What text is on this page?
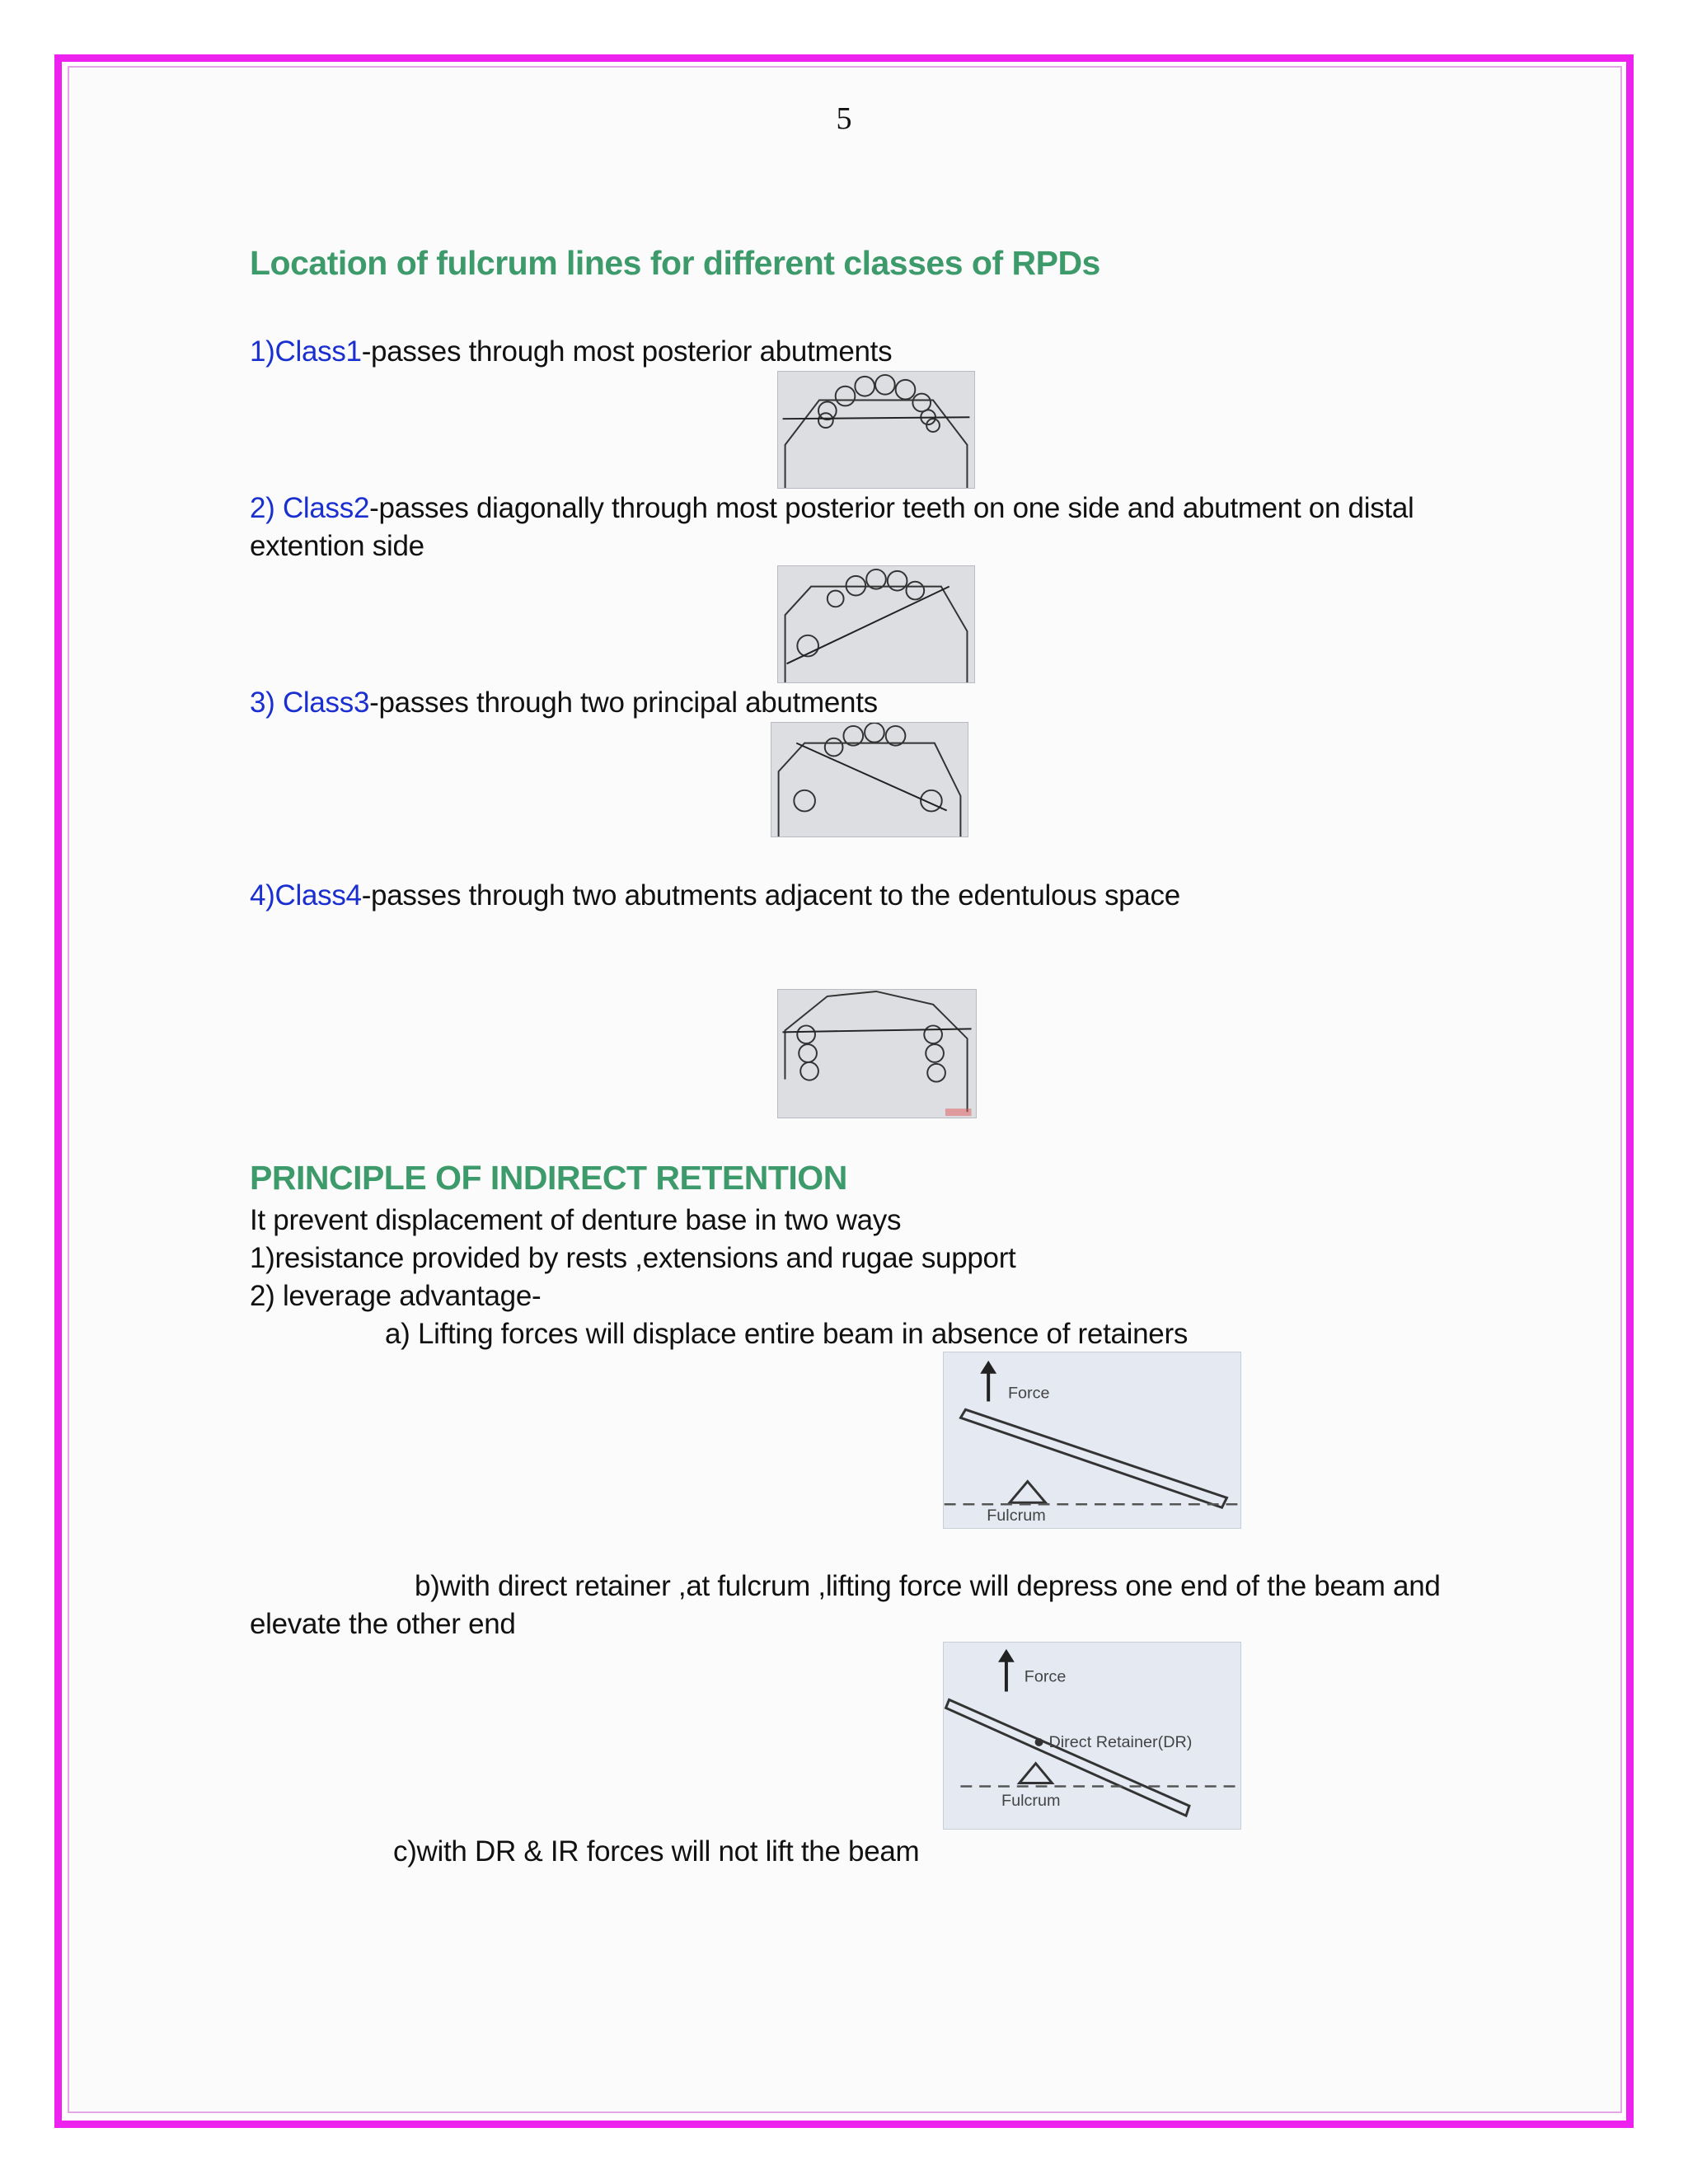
5
Location of fulcrum lines for different classes of RPDs
1)Class1-passes through most posterior abutments
2) Class2-passes diagonally through most posterior teeth on one side and abutment on distal
extention side
3) Class3-passes through two principal abutments
4)Class4-passes through two abutments adjacent to the edentulous space
PRINCIPLE OF INDIRECT RETENTION
It prevent displacement of denture base in two ways
1)resistance provided by rests ,extensions and rugae support
2) leverage advantage-
a) Lifting forces will displace entire beam in absence of retainers
Force
Fulcrum
b)with direct retainer ,at fulcrum ,lifting force will depress one end of the beam and
elevate the other end
Force
Direct Retainer(DR)
Fulcrum
c)with DR & IR forces will not lift the beam
